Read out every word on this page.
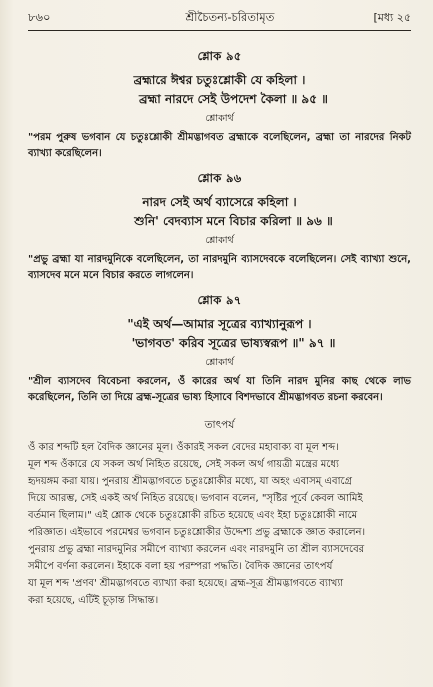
৮৬০	শ্রীচৈতন্য-চরিতামৃত	[মধ্য ২৫
শ্লোক ৯৫
ব্রহ্মারে ঈশ্বর চতুঃশ্লোকী যে কহিলা ।
ব্রহ্মা নারদে সেই উপদেশ কৈলা ॥ ৯৫ ॥
শ্লোকার্থ

"পরম পুরুষ ভগবান যে চতুঃশ্লোকী শ্রীমদ্ভাগবত ব্রহ্মাকে বলেছিলেন, ব্রহ্মা তা নারদের নিকট ব্যাখ্যা করেছিলেন।

শ্লোক ৯৬
নারদ সেই অর্থ ব্যাসেরে কহিলা ।
শুনি' বেদব্যাস মনে বিচার করিলা ॥ ৯৬ ॥
শ্লোকার্থ

"প্রভু ব্রহ্মা যা নারদমুনিকে বলেছিলেন, তা নারদমুনি ব্যাসদেবকে বলেছিলেন। সেই ব্যাখ্যা শুনে, ব্যাসদেব মনে মনে বিচার করতে লাগলেন।

শ্লোক ৯৭
"এই অর্থ—আমার সূত্রের ব্যাখ্যানুরূপ ।
'ভাগবত' করিব সূত্রের ভাষ্যস্বরূপ ॥" ৯৭ ॥
শ্লোকার্থ

"শ্রীল ব্যাসদেব বিবেচনা করলেন, ওঁ কারের অর্থ যা তিনি নারদ মুনির কাছ থেকে লাভ করেছিলেন, তিনি তা দিয়ে ব্রহ্ম-সূত্রের ভাষ্য হিসাবে বিশদভাবে শ্রীমদ্ভাগবত রচনা করবেন।

তাৎপর্য

ওঁ কার শব্দটি হল বৈদিক জ্ঞানের মূল। ওঁকারই সকল বেদের মহাবাক্য বা মূল শব্দ।
মূল শব্দ ওঁকারে যে সকল অর্থ নিহিত রয়েছে, সেই সকল অর্থ গায়ত্রী মন্ত্রের মধ্যে
হৃদয়ঙ্গম করা যায়। পুনরায় শ্রীমদ্ভাগবতে চতুঃশ্লোকীর মধ্যে, যা অহং এবাসম্ এবাগ্রে
দিয়ে আরম্ভ, সেই একই অর্থ নিহিত রয়েছে। ভগবান বলেন, "সৃষ্টির পূর্বে কেবল আমিই
বর্তমান ছিলাম।" এই শ্লোক থেকে চতুঃশ্লোকী রচিত হয়েছে এবং ইহা চতুঃশ্লোকী নামে
পরিজ্ঞাত। এইভাবে পরমেশ্বর ভগবান চতুঃশ্লোকীর উদ্দেশ্য প্রভু ব্রহ্মাকে জ্ঞাত করালেন।
পুনরায় প্রভু ব্রহ্মা নারদমুনির সমীপে ব্যাখ্যা করলেন এবং নারদমুনি তা শ্রীল ব্যাসদেবের
সমীপে বর্ণনা করলেন। ইহাকে বলা হয় পরম্পরা পদ্ধতি। বৈদিক জ্ঞানের তাৎপর্য
যা মূল শব্দ 'প্রণব' শ্রীমদ্ভাগবতে ব্যাখ্যা করা হয়েছে। ব্রহ্ম-সূত্র শ্রীমদ্ভাগবতে ব্যাখ্যা
করা হয়েছে, এটিই চূড়ান্ত সিদ্ধান্ত।
